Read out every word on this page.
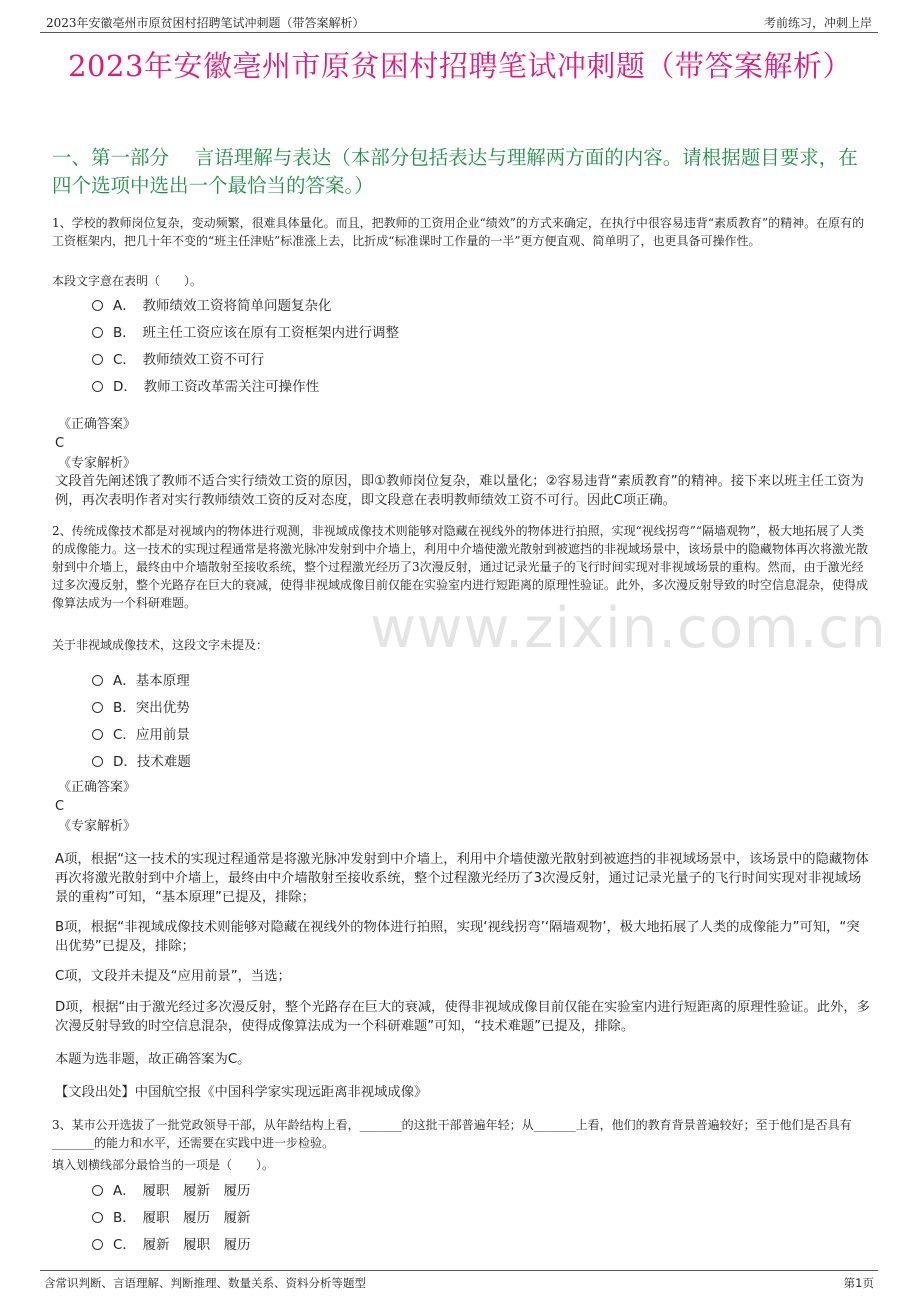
2023年安徽亳州市原贫困村招聘笔试冲刺题（带答案解析）	考前练习，冲刺上岸
2023年安徽亳州市原贫困村招聘笔试冲刺题（带答案解析）
一、第一部分　 言语理解与表达（本部分包括表达与理解两方面的内容。请根据题目要求，在四个选项中选出一个最恰当的答案。）
www.zixin.com.cn
1、学校的教师岗位复杂，变动频繁，很难具体量化。而且，把教师的工资用企业“绩效”的方式来确定，在执行中很容易违背“素质教育”的精神。在原有的工资框架内，把几十年不变的“班主任津贴”标准涨上去，比折成“标准课时工作量的一半”更方便直观、简单明了，也更具备可操作性。
本段文字意在表明（　　）。
A．　教师绩效工资将简单问题复杂化
B．　班主任工资应该在原有工资框架内进行调整
C．　教师绩效工资不可行
D．　教师工资改革需关注可操作性
《正确答案》
C
《专家解析》
文段首先阐述饿了教师不适合实行绩效工资的原因，即①教师岗位复杂，难以量化；②容易违背“素质教育”的精神。接下来以班主任工资为例，再次表明作者对实行教师绩效工资的反对态度，即文段意在表明教师绩效工资不可行。因此C项正确。
2、传统成像技术都是对视域内的物体进行观测，非视域成像技术则能够对隐藏在视线外的物体进行拍照，实现“视线拐弯”“隔墙观物”，极大地拓展了人类的成像能力。这一技术的实现过程通常是将激光脉冲发射到中介墙上，利用中介墙使激光散射到被遮挡的非视域场景中，该场景中的隐藏物体再次将激光散射到中介墙上，最终由中介墙散射至接收系统，整个过程激光经历了3次漫反射，通过记录光量子的飞行时间实现对非视域场景的重构。然而，由于激光经过多次漫反射，整个光路存在巨大的衰减，使得非视域成像目前仅能在实验室内进行短距离的原理性验证。此外，多次漫反射导致的时空信息混杂，使得成像算法成为一个科研难题。
关于非视域成像技术，这段文字未提及：
A．基本原理
B．突出优势
C．应用前景
D．技术难题
《正确答案》
C
《专家解析》
A项，根据“这一技术的实现过程通常是将激光脉冲发射到中介墙上，利用中介墙使激光散射到被遮挡的非视域场景中，该场景中的隐藏物体再次将激光散射到中介墙上，最终由中介墙散射至接收系统，整个过程激光经历了3次漫反射，通过记录光量子的飞行时间实现对非视域场景的重构”可知，“基本原理”已提及，排除；
B项，根据“非视域成像技术则能够对隐藏在视线外的物体进行拍照，实现‘视线拐弯’‘隔墙观物’，极大地拓展了人类的成像能力”可知，“突出优势”已提及，排除；
C项，文段并未提及“应用前景”，当选；
D项，根据“由于激光经过多次漫反射，整个光路存在巨大的衰减，使得非视域成像目前仅能在实验室内进行短距离的原理性验证。此外，多次漫反射导致的时空信息混杂，使得成像算法成为一个科研难题”可知，“技术难题”已提及，排除。
本题为选非题，故正确答案为C。
【文段出处】中国航空报《中国科学家实现远距离非视域成像》
3、某市公开选拔了一批党政领导干部，从年龄结构上看，_______的这批干部普遍年轻；从_______上看，他们的教育背景普遍较好；至于他们是否具有_______的能力和水平，还需要在实践中进一步检验。
填入划横线部分最恰当的一项是（　　）。
A．　履职　履新　履历
B．　履职　履历　履新
C．　履新　履职　履历
含常识判断、言语理解、判断推理、数量关系、资料分析等题型	第1页
